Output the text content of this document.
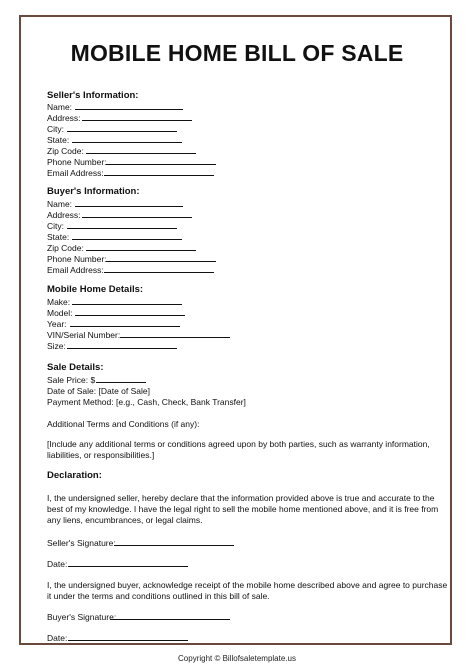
MOBILE HOME BILL OF SALE
Seller's Information:
Name:
Address:
City:
State:
Zip Code:
Phone Number:
Email Address:
Buyer's Information:
Name:
Address:
City:
State:
Zip Code:
Phone Number:
Email Address:
Mobile Home Details:
Make:
Model:
Year:
VIN/Serial Number:
Size:
Sale Details:
Sale Price: $
Date of Sale: [Date of Sale]
Payment Method: [e.g., Cash, Check, Bank Transfer]
Additional Terms and Conditions (if any):
[Include any additional terms or conditions agreed upon by both parties, such as warranty information,
liabilities, or responsibilities.]
Declaration:
I, the undersigned seller, hereby declare that the information provided above is true and accurate to the
best of my knowledge. I have the legal right to sell the mobile home mentioned above, and it is free from
any liens, encumbrances, or legal claims.
Seller's Signature:
Date:
I, the undersigned buyer, acknowledge receipt of the mobile home described above and agree to purchase
it under the terms and conditions outlined in this bill of sale.
Buyer's Signature:
Date:
Copyright © Billofsaletemplate.us
